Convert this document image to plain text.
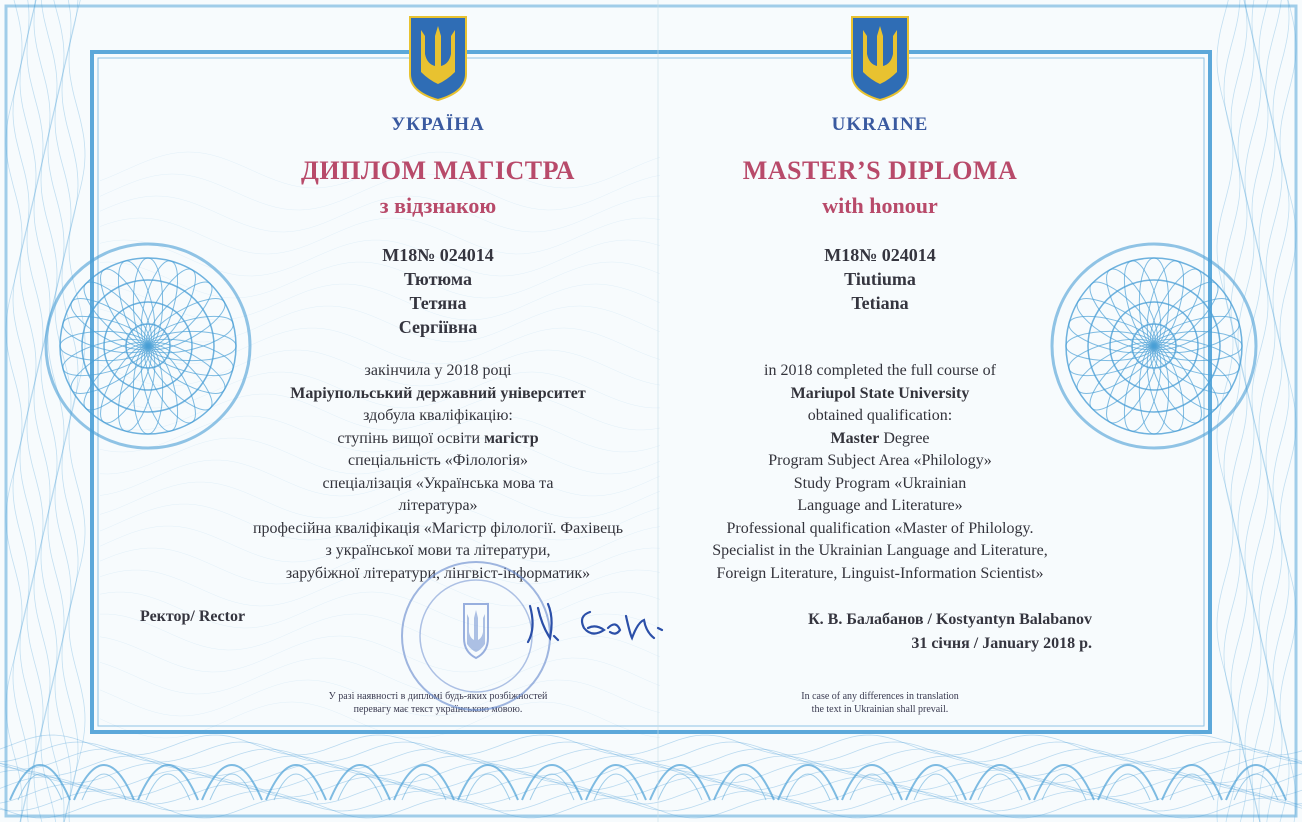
УКРАЇНА
ДИПЛОМ МАГІСТРА
з відзнакою
М18№ 024014
Тютюма
Тетяна
Сергіївна
закінчила у 2018 році
Маріупольський державний університет
здобула кваліфікацію:
ступінь вищої освіти магістр
спеціальність «Філологія»
спеціалізація «Українська мова та
література»
професійна кваліфікація «Магістр філології. Фахівець
з української мови та літератури,
зарубіжної літератури, лінгвіст-інформатик»
У разі наявності в дипломі будь-яких розбіжностей
перевагу має текст українською мовою.
UKRAINE
MASTER’S DIPLOMA
with honour
M18№ 024014
Tiutiuma
Tetiana
in 2018 completed the full course of
Mariupol State University
obtained qualification:
Master Degree
Program Subject Area «Philology»
Study Program «Ukrainian
Language and Literature»
Professional qualification «Master of Philology.
Specialist in the Ukrainian Language and Literature,
Foreign Literature, Linguist-Information Scientist»
К. В. Балабанов / Kostyantyn Balabanov
31 січня / January 2018 р.
In case of any differences in translation
the text in Ukrainian shall prevail.
Ректор/ Rector
